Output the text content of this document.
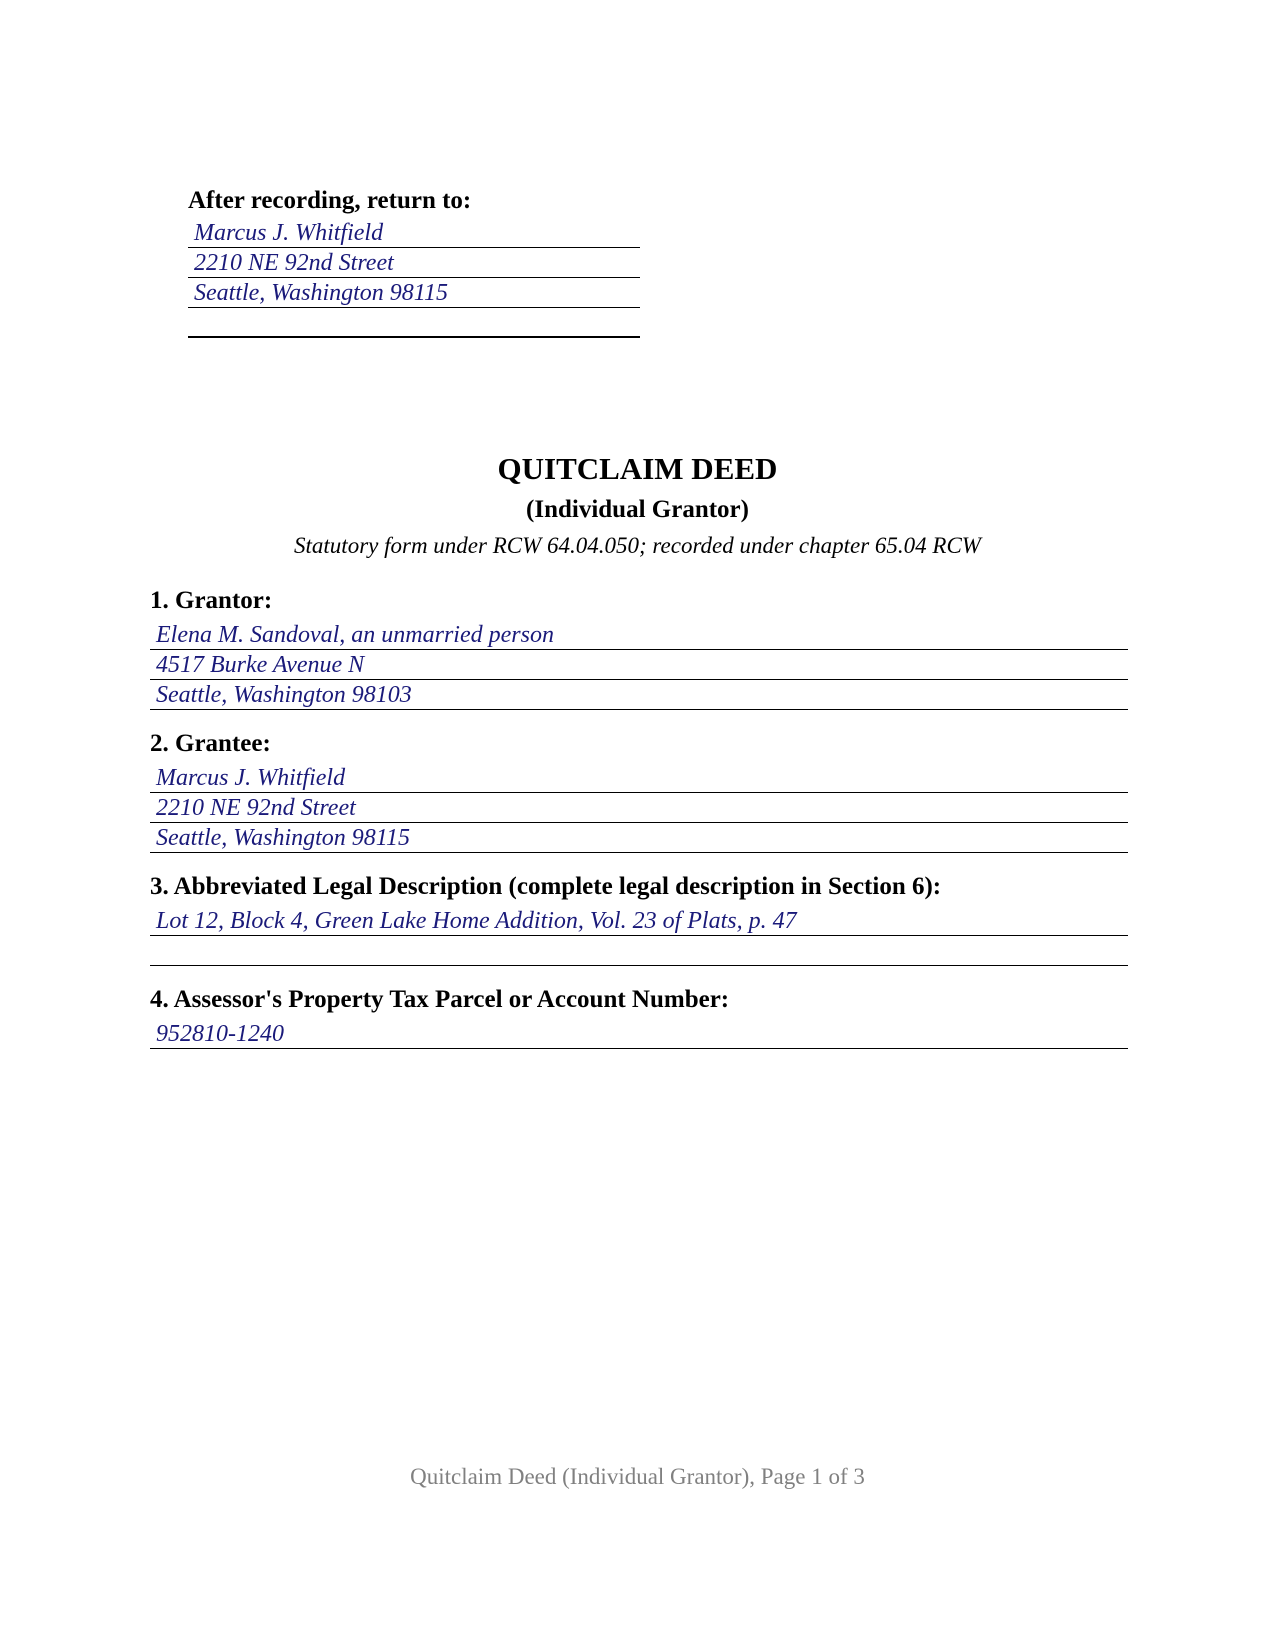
After recording, return to:
Marcus J. Whitfield
2210 NE 92nd Street
Seattle, Washington 98115
QUITCLAIM DEED
(Individual Grantor)
Statutory form under RCW 64.04.050; recorded under chapter 65.04 RCW
1. Grantor:
Elena M. Sandoval, an unmarried person
4517 Burke Avenue N
Seattle, Washington 98103
2. Grantee:
Marcus J. Whitfield
2210 NE 92nd Street
Seattle, Washington 98115
3. Abbreviated Legal Description (complete legal description in Section 6):
Lot 12, Block 4, Green Lake Home Addition, Vol. 23 of Plats, p. 47
4. Assessor's Property Tax Parcel or Account Number:
952810-1240
Quitclaim Deed (Individual Grantor), Page 1 of 3
